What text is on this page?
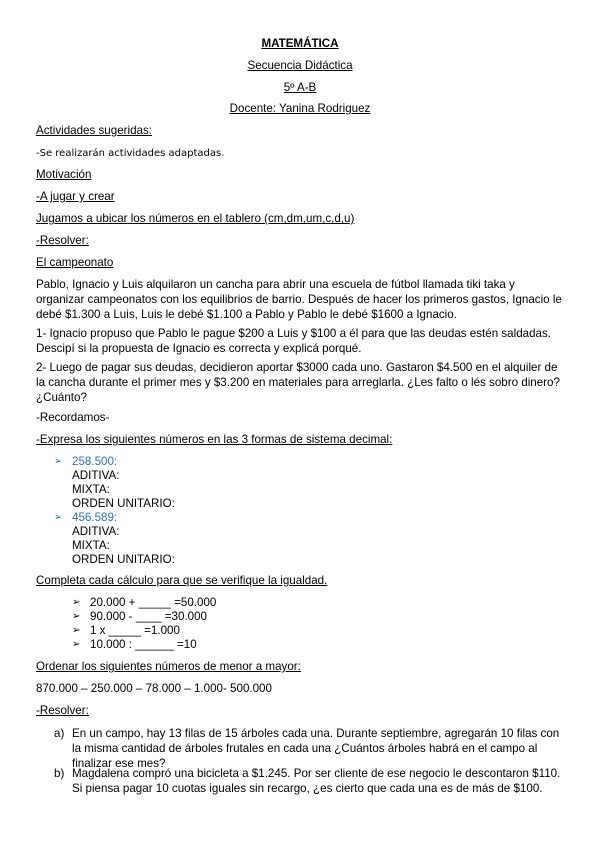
MATEMÁTICA
Secuencia Didáctica
5º A-B
Docente: Yanina Rodriguez
Actividades sugeridas:
-Se realizarán actividades adaptadas.
Motivación
-A jugar y crear
Jugamos a ubicar los números en el tablero (cm,dm,um,c,d,u)
-Resolver:
El campeonato
Pablo, Ignacio y Luis alquilaron un cancha para abrir una escuela de fútbol llamada tiki taka y organizar campeonatos con los equilibrios de barrio. Después de hacer los primeros gastos, Ignacio le debé $1.300 a Luis, Luis le debé $1.100 a Pablo y Pablo le debé $1600 a Ignacio.
1- Ignacio propuso que Pablo le pague $200 a Luis y $100 a él para que las deudas estén saldadas. Descipí si la propuesta de Ignacio es correcta y explicá porqué.
2- Luego de pagar sus deudas, decidieron aportar $3000 cada uno. Gastaron $4.500 en el alquiler de la cancha durante el primer mes y $3.200 en materiales para arreglarla. ¿Les falto o lés sobro dinero? ¿Cuánto?
-Recordamos-
-Expresa los siguientes números en las 3 formas de sistema decimal:
➢ 258.500:
ADITIVA:
MIXTA:
ORDEN UNITARIO:
➢ 456.589:
ADITIVA:
MIXTA:
ORDEN UNITARIO:
Completa cada cálculo para que se verifique la igualdad.
➢ 20.000 + _____ =50.000
➢ 90.000 - ____ =30.000
➢ 1 x _____ =1.000
➢ 10.000 : ______ =10
Ordenar los siguientes números de menor a mayor:
870.000 – 250.000 – 78.000 – 1.000- 500.000
-Resolver:
a) En un campo, hay 13 filas de 15 árboles cada una. Durante septiembre, agregarán 10 filas con la misma cantidad de árboles frutales en cada una ¿Cuántos árboles habrá en el campo al finalizar ese mes?
b) Magdalena compró una bicicleta a $1.245. Por ser cliente de ese negocio le descontaron $110. Si piensa pagar 10 cuotas iguales sin recargo, ¿es cierto que cada una es de más de $100.
